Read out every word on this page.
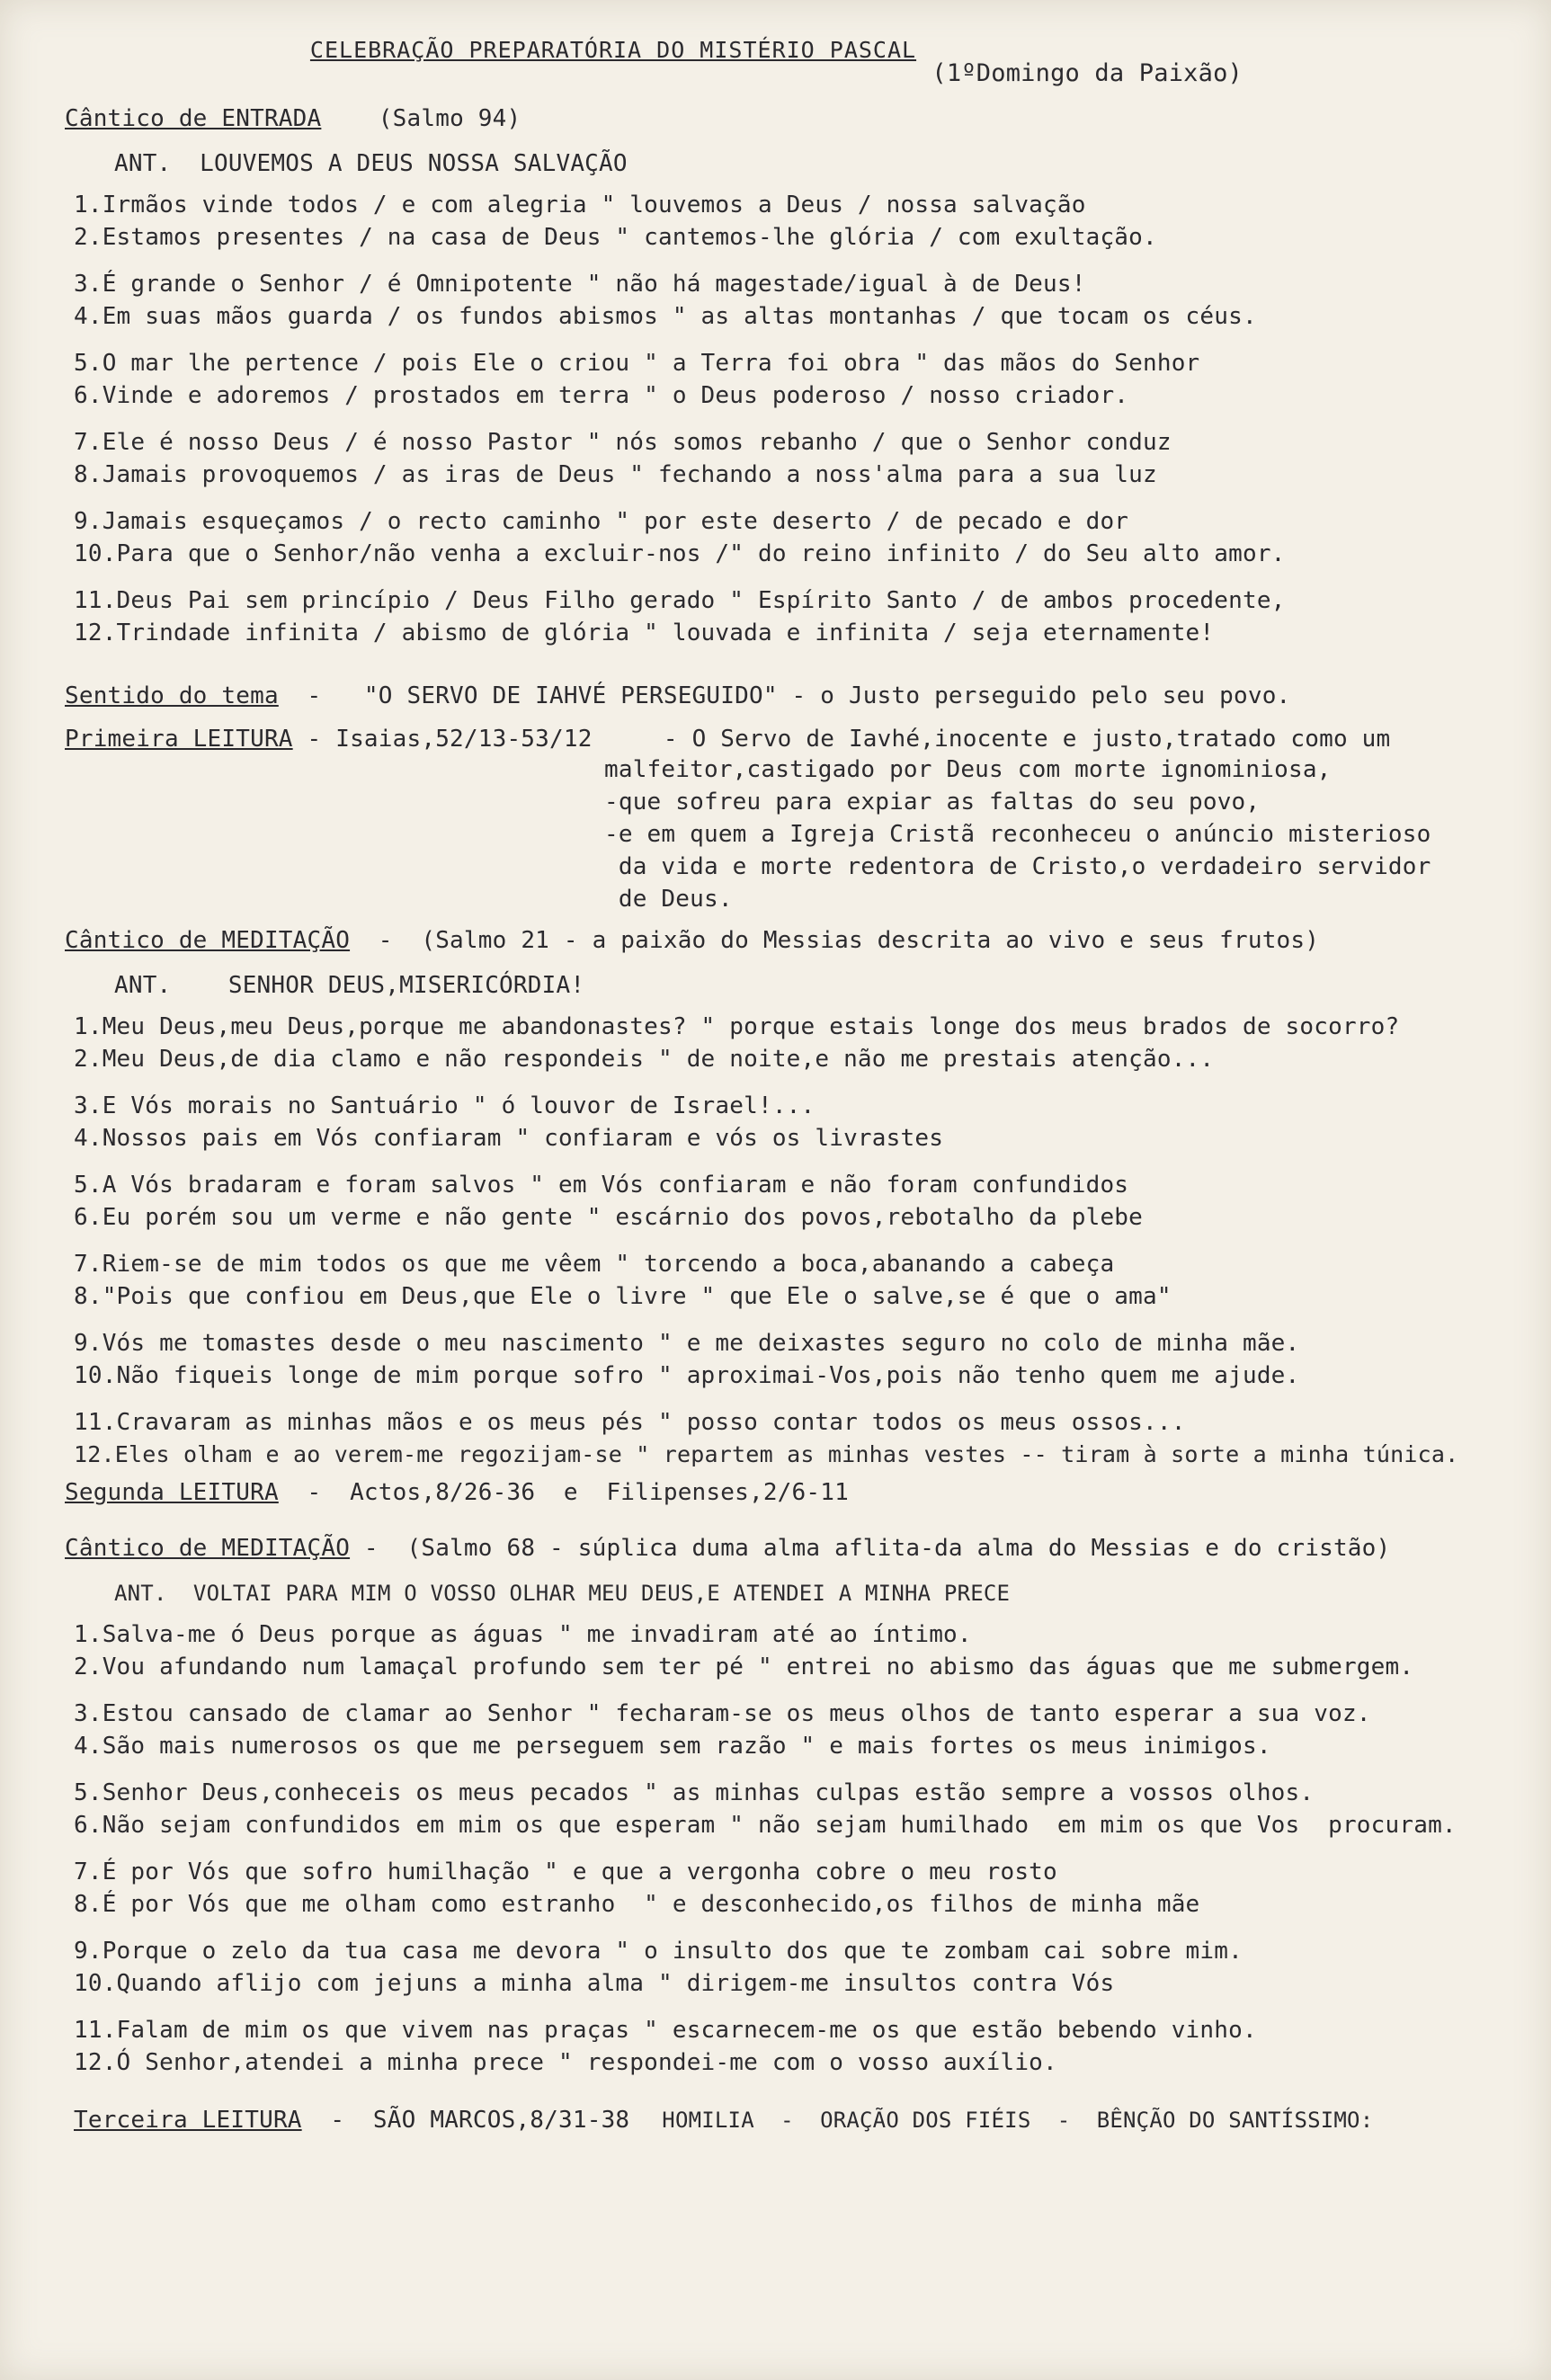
CELEBRAÇÃO PREPARATÓRIA DO MISTÉRIO PASCAL
(1ºDomingo da Paixão)
Cântico de ENTRADA
(Salmo 94)
ANT.
LOUVEMOS A DEUS NOSSA SALVAÇÃO
1.Irmãos vinde todos / e com alegria " louvemos a Deus / nossa salvação
2.Estamos presentes / na casa de Deus " cantemos-lhe glória / com exultação.
3.É grande o Senhor / é Omnipotente " não há magestade/igual à de Deus!
4.Em suas mãos guarda / os fundos abismos " as altas montanhas / que tocam os céus.
5.O mar lhe pertence / pois Ele o criou " a Terra foi obra " das mãos do Senhor
6.Vinde e adoremos / prostados em terra " o Deus poderoso / nosso criador.
7.Ele é nosso Deus / é nosso Pastor " nós somos rebanho / que o Senhor conduz
8.Jamais provoquemos / as iras de Deus " fechando a noss'alma para a sua luz
9.Jamais esqueçamos / o recto caminho " por este deserto / de pecado e dor
10.Para que o Senhor/não venha a excluir-nos /" do reino infinito / do Seu alto amor.
11.Deus Pai sem princípio / Deus Filho gerado " Espírito Santo / de ambos procedente,
12.Trindade infinita / abismo de glória " louvada e infinita / seja eternamente!
Sentido do tema -   "O SERVO DE IAHVÉ PERSEGUIDO" - o Justo perseguido pelo seu povo.
Primeira LEITURA - Isaias,52/13-53/12
	- O Servo de Iavhé,inocente e justo,tratado como um
malfeitor,castigado por Deus com morte ignominiosa,
-que sofreu para expiar as faltas do seu povo,
-e em quem a Igreja Cristã reconheceu o anúncio misterioso
da vida e morte redentora de Cristo,o verdadeiro servidor
de Deus.
Cântico de MEDITAÇÃO -  (Salmo 21 - a paixão do Messias descrita ao vivo e seus frutos)
ANT.
SENHOR DEUS,MISERICÓRDIA!
1.Meu Deus,meu Deus,porque me abandonastes? " porque estais longe dos meus brados de socorro?
2.Meu Deus,de dia clamo e não respondeis " de noite,e não me prestais atenção...
3.E Vós morais no Santuário " ó louvor de Israel!...
4.Nossos pais em Vós confiaram " confiaram e vós os livrastes
5.A Vós bradaram e foram salvos " em Vós confiaram e não foram confundidos
6.Eu porém sou um verme e não gente " escárnio dos povos,rebotalho da plebe
7.Riem-se de mim todos os que me vêem " torcendo a boca,abanando a cabeça
8."Pois que confiou em Deus,que Ele o livre " que Ele o salve,se é que o ama"
9.Vós me tomastes desde o meu nascimento " e me deixastes seguro no colo de minha mãe.
10.Não fiqueis longe de mim porque sofro " aproximai-Vos,pois não tenho quem me ajude.
11.Cravaram as minhas mãos e os meus pés " posso contar todos os meus ossos...
12.Eles olham e ao verem-me regozijam-se " repartem as minhas vestes -- tiram à sorte a minha túnica.
Segunda LEITURA -  Actos,8/26-36  e  Filipenses,2/6-11
Cântico de MEDITAÇÃO -  (Salmo 68 - súplica duma alma aflita-da alma do Messias e do cristão)
ANT.
VOLTAI PARA MIM O VOSSO OLHAR MEU DEUS,E ATENDEI A MINHA PRECE
1.Salva-me ó Deus porque as águas " me invadiram até ao íntimo.
2.Vou afundando num lamaçal profundo sem ter pé " entrei no abismo das águas que me submergem.
3.Estou cansado de clamar ao Senhor " fecharam-se os meus olhos de tanto esperar a sua voz.
4.São mais numerosos os que me perseguem sem razão " e mais fortes os meus inimigos.
5.Senhor Deus,conheceis os meus pecados " as minhas culpas estão sempre a vossos olhos.
6.Não sejam confundidos em mim os que esperam " não sejam humilhado  em mim os que Vos  procuram.
7.É por Vós que sofro humilhação " e que a vergonha cobre o meu rosto
8.É por Vós que me olham como estranho  " e desconhecido,os filhos de minha mãe
9.Porque o zelo da tua casa me devora " o insulto dos que te zombam cai sobre mim.
10.Quando aflijo com jejuns a minha alma " dirigem-me insultos contra Vós
11.Falam de mim os que vivem nas praças " escarnecem-me os que estão bebendo vinho.
12.Ó Senhor,atendei a minha prece " respondei-me com o vosso auxílio.
Terceira LEITURA  -  SÃO MARCOS,8/31-38 HOMILIA  -  ORAÇÃO DOS FIÉIS  -  BÊNÇÃO DO SANTÍSSIMO:
